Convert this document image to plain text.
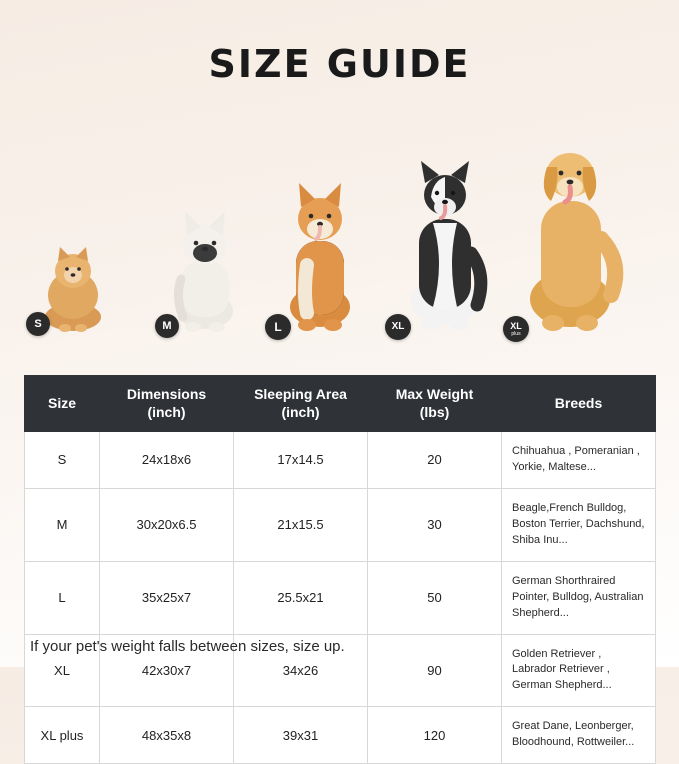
SIZE GUIDE
S	M	L	XL	XL
plus
Size

Dimensions
(inch)

Sleeping Area
(inch)

Max Weight
(lbs)

Breeds

S	24x18x6	17x14.5	20	Chihuahua , Pomeranian , Yorkie, Maltese...
M	30x20x6.5	21x15.5	30	Beagle,French Bulldog, Boston Terrier, Dachshund, Shiba Inu...
L	35x25x7	25.5x21	50	German Shorthraired Pointer, Bulldog, Australian Shepherd...
XL	42x30x7	34x26	90	Golden Retriever , Labrador Retriever , German Shepherd...
XL plus	48x35x8	39x31	120	Great Dane, Leonberger, Bloodhound, Rottweiler...
If your pet's weight falls between sizes, size up.
